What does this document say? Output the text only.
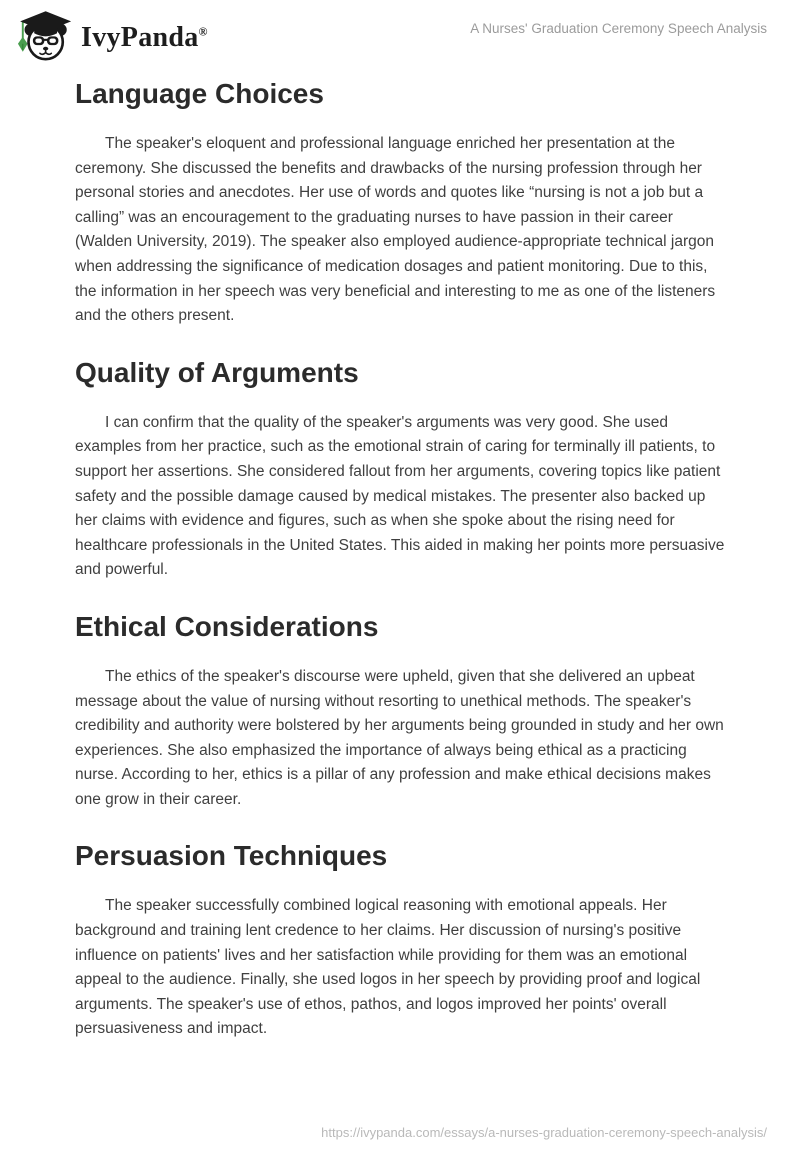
IvyPanda®	A Nurses' Graduation Ceremony Speech Analysis
Language Choices

The speaker's eloquent and professional language enriched her presentation at the ceremony. She discussed the benefits and drawbacks of the nursing profession through her personal stories and anecdotes. Her use of words and quotes like “nursing is not a job but a calling” was an encouragement to the graduating nurses to have passion in their career (Walden University, 2019). The speaker also employed audience-appropriate technical jargon when addressing the significance of medication dosages and patient monitoring. Due to this, the information in her speech was very beneficial and interesting to me as one of the listeners and the others present.

Quality of Arguments

I can confirm that the quality of the speaker's arguments was very good. She used examples from her practice, such as the emotional strain of caring for terminally ill patients, to support her assertions. She considered fallout from her arguments, covering topics like patient safety and the possible damage caused by medical mistakes. The presenter also backed up her claims with evidence and figures, such as when she spoke about the rising need for healthcare professionals in the United States. This aided in making her points more persuasive and powerful.

Ethical Considerations

The ethics of the speaker's discourse were upheld, given that she delivered an upbeat message about the value of nursing without resorting to unethical methods. The speaker's credibility and authority were bolstered by her arguments being grounded in study and her own experiences. She also emphasized the importance of always being ethical as a practicing nurse. According to her, ethics is a pillar of any profession and make ethical decisions makes one grow in their career.

Persuasion Techniques

The speaker successfully combined logical reasoning with emotional appeals. Her background and training lent credence to her claims. Her discussion of nursing's positive influence on patients' lives and her satisfaction while providing for them was an emotional appeal to the audience. Finally, she used logos in her speech by providing proof and logical arguments. The speaker's use of ethos, pathos, and logos improved her points' overall persuasiveness and impact.

https://ivypanda.com/essays/a-nurses-graduation-ceremony-speech-analysis/
